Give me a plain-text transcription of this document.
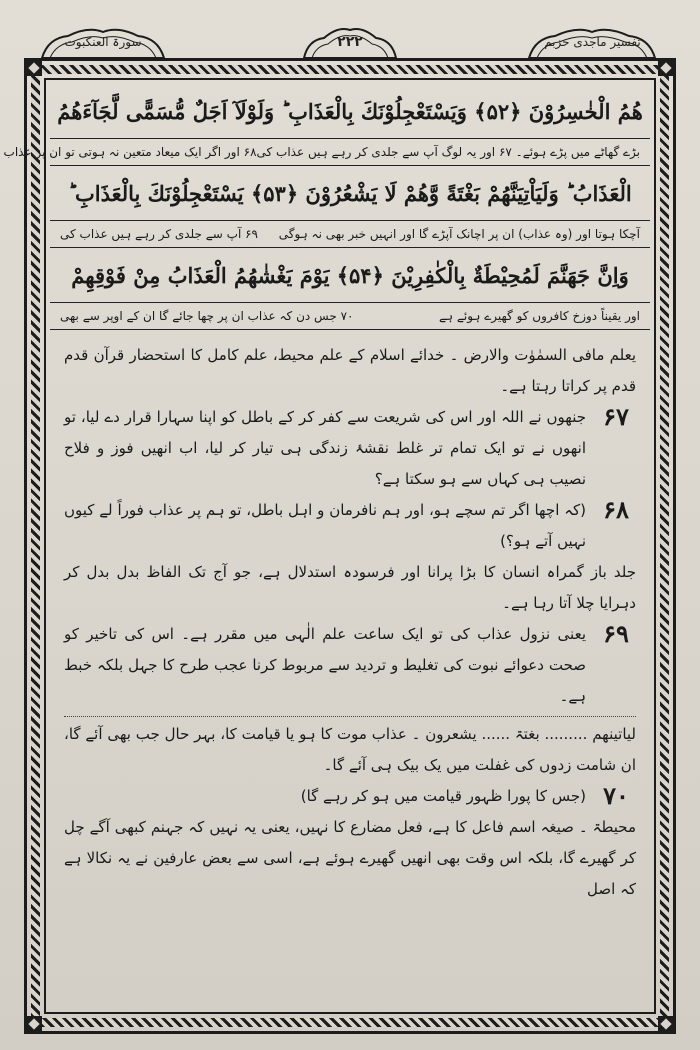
سورۃ العنکبوت	۲۲۲	تفسیر ماجدی حزبم
هُمُ الْخٰسِرُوْنَ ﴿۵۲﴾ وَيَسْتَعْجِلُوْنَكَ بِالْعَذَابِ ؕ وَلَوْلَآ اَجَلٌ مُّسَمًّى لَّجَآءَهُمُ
بڑے گھاٹے میں پڑے ہوئے۔ ۶۷ اور یہ لوگ آپ سے جلدی کر رہے ہیں عذاب کی
۶۸ اور اگر ایک میعاد متعین نہ ہوتی تو ان پر عذاب
الْعَذَابُ ؕ وَلَيَاْتِيَنَّهُمْ بَغْتَةً وَّهُمْ لَا يَشْعُرُوْنَ ﴿۵۳﴾ يَسْتَعْجِلُوْنَكَ بِالْعَذَابِ ؕ
آچکا ہوتا اور (وہ عذاب) ان پر اچانک آپڑے گا اور انہیں خبر بھی نہ ہوگی
۶۹ آپ سے جلدی کر رہے ہیں عذاب کی
وَاِنَّ جَهَنَّمَ لَمُحِيْطَةٌ بِالْكٰفِرِيْنَ ﴿۵۴﴾ يَوْمَ يَغْشٰهُمُ الْعَذَابُ مِنْ فَوْقِهِمْ
اور یقیناً دوزخ کافروں کو گھیرے ہوئے ہے
۷۰ جس دن کہ عذاب ان پر چھا جائے گا ان کے اوپر سے بھی

یعلم مافی السمٰوٰت والارض ۔ خدائے اسلام کے علم محیط، علم کامل کا استحضار قرآن قدم قدم پر کراتا رہتا ہے۔

۶۷

جنھوں نے اللہ اور اس کی شریعت سے کفر کر کے باطل کو اپنا سہارا قرار دے لیا، تو انھوں نے تو ایک تمام تر غلط نقشۂ زندگی ہی تیار کر لیا، اب انھیں فوز و فلاح نصیب ہی کہاں سے ہو سکتا ہے؟

۶۸

(کہ اچھا اگر تم سچے ہو، اور ہم نافرمان و اہل باطل، تو ہم پر عذاب فوراً لے کیوں نہیں آتے ہو؟)

جلد باز گمراہ انسان کا بڑا پرانا اور فرسودہ استدلال ہے، جو آج تک الفاظ بدل بدل کر دہرایا چلا آتا رہا ہے۔

۶۹

یعنی نزول عذاب کی تو ایک ساعت علم الٰہی میں مقرر ہے۔ اس کی تاخیر کو صحت دعوائے نبوت کی تغلیط و تردید سے مربوط کرنا عجب طرح کا جہل بلکہ خبط ہے۔

لیاتینھم ......... بغتۃ ...... یشعرون ۔ عذاب موت کا ہو یا قیامت کا، بہر حال جب بھی آئے گا، ان شامت زدوں کی غفلت میں یک بیک ہی آئے گا۔

۷۰

(جس کا پورا ظہور قیامت میں ہو کر رہے گا)

محیطۃ ۔ صیغہ اسم فاعل کا ہے، فعل مضارع کا نہیں، یعنی یہ نہیں کہ جہنم کبھی آگے چل کر گھیرے گا، بلکہ اس وقت بھی انھیں گھیرے ہوئے ہے، اسی سے بعض عارفین نے یہ نکالا ہے کہ اصل
